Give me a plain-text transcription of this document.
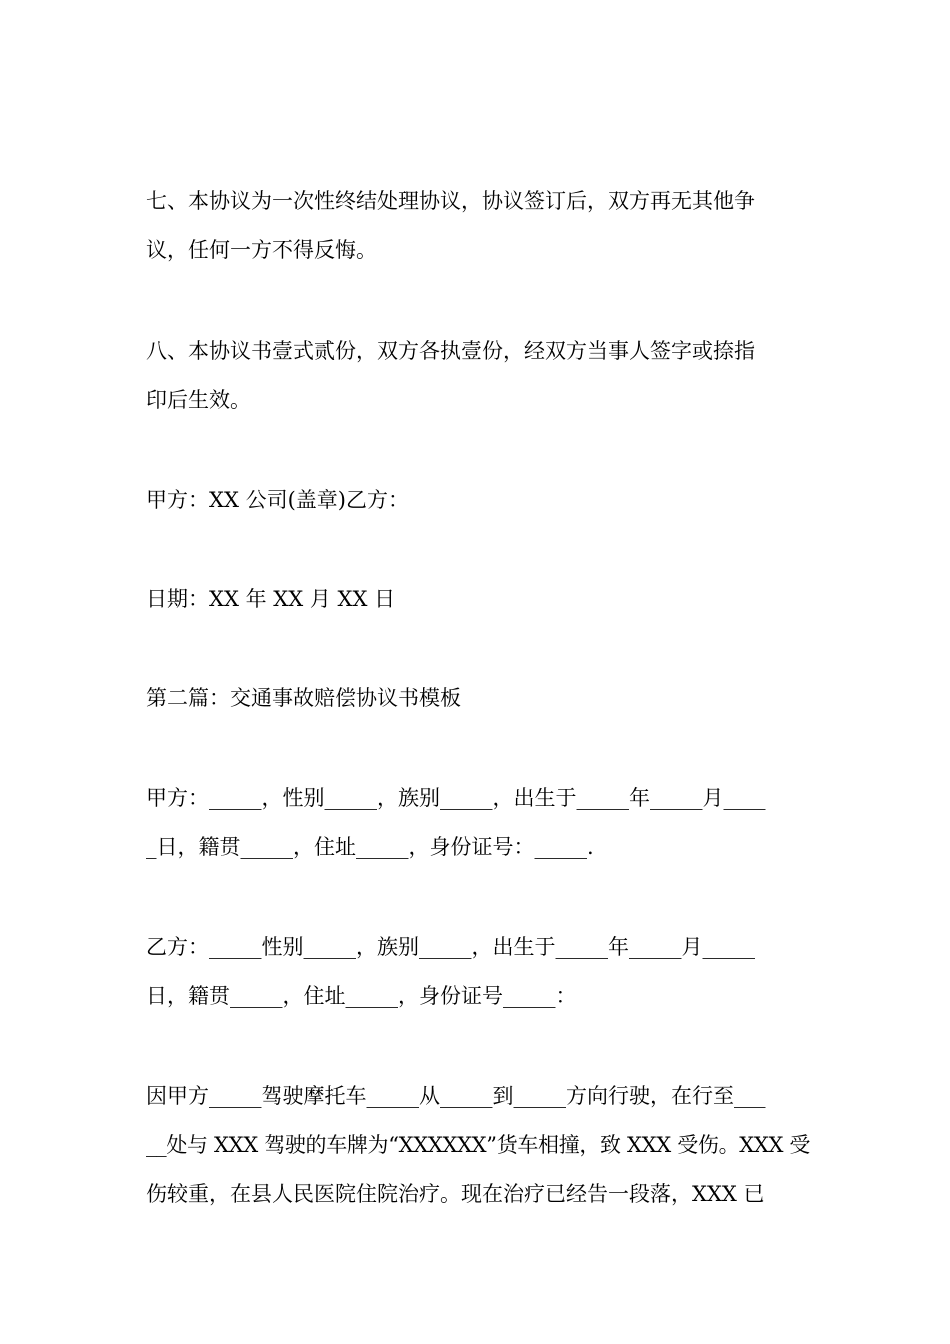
七、本协议为一次性终结处理协议，协议签订后，双方再无其他争
议，任何一方不得反悔。

八、本协议书壹式贰份，双方各执壹份，经双方当事人签字或捺指
印后生效。

甲方：XX 公司(盖章)乙方：

日期：XX 年 XX 月 XX 日

第二篇：交通事故赔偿协议书模板

甲方：_____，性别_____，族别_____，出生于_____年_____月____
_日，籍贯_____，住址_____，身份证号：_____.

乙方：_____性别_____，族别_____，出生于_____年_____月_____
日，籍贯_____，住址_____，身份证号_____：

因甲方_____驾驶摩托车_____从_____到_____方向行驶，在行至___
__处与 XXX 驾驶的车牌为“XXXXXX”货车相撞，致 XXX 受伤。XXX 受
伤较重，在县人民医院住院治疗。现在治疗已经告一段落，XXX 已
